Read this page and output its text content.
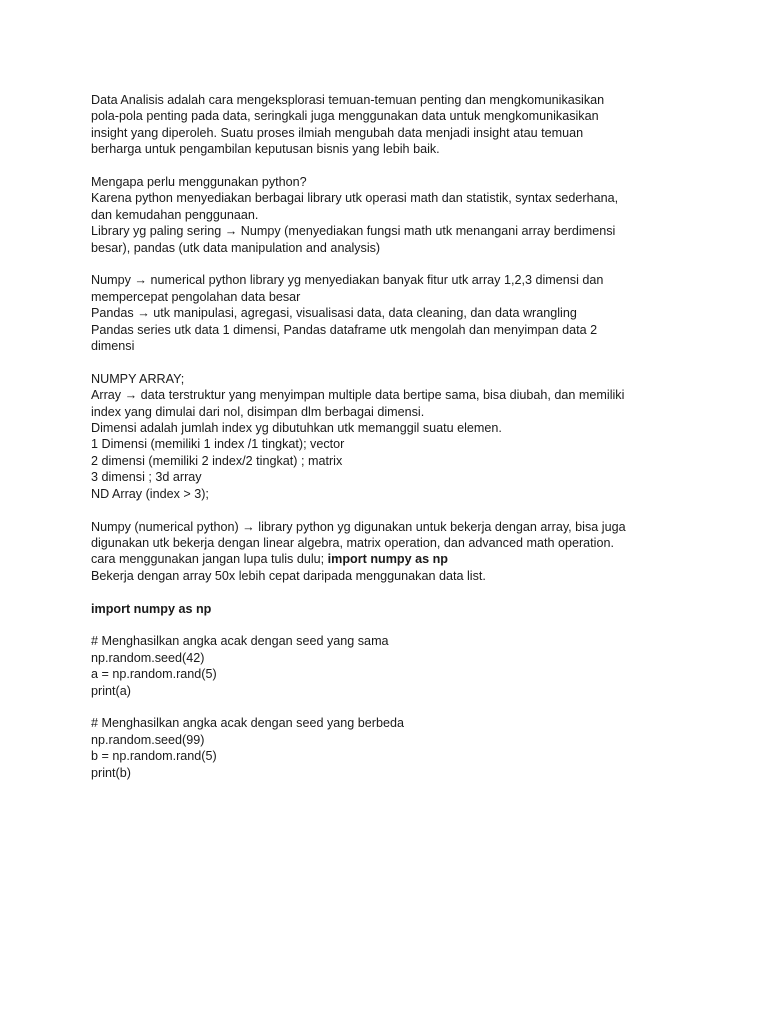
Data Analisis adalah cara mengeksplorasi temuan-temuan penting dan mengkomunikasikan
pola-pola penting pada data, seringkali juga menggunakan data untuk mengkomunikasikan
insight yang diperoleh. Suatu proses ilmiah mengubah data menjadi insight atau temuan
berharga untuk pengambilan keputusan bisnis yang lebih baik.
Mengapa perlu menggunakan python?
Karena python menyediakan berbagai library utk operasi math dan statistik, syntax sederhana,
dan kemudahan penggunaan.
Library yg paling sering → Numpy (menyediakan fungsi math utk menangani array berdimensi
besar), pandas (utk data manipulation and analysis)
Numpy → numerical python library yg menyediakan banyak fitur utk array 1,2,3 dimensi dan
mempercepat pengolahan data besar
Pandas → utk manipulasi, agregasi, visualisasi data, data cleaning, dan data wrangling
Pandas series utk data 1 dimensi, Pandas dataframe utk mengolah dan menyimpan data 2
dimensi
NUMPY ARRAY;
Array → data terstruktur yang menyimpan multiple data bertipe sama, bisa diubah, dan memiliki
index yang dimulai dari nol, disimpan dlm berbagai dimensi.
Dimensi adalah jumlah index yg dibutuhkan utk memanggil suatu elemen.
1 Dimensi (memiliki 1 index /1 tingkat); vector
2 dimensi (memiliki 2 index/2 tingkat) ; matrix
3 dimensi ; 3d array
ND Array (index > 3);
Numpy (numerical python) → library python yg digunakan untuk bekerja dengan array, bisa juga
digunakan utk bekerja dengan linear algebra, matrix operation, dan advanced math operation.
cara menggunakan jangan lupa tulis dulu; import numpy as np
Bekerja dengan array 50x lebih cepat daripada menggunakan data list.
import numpy as np
# Menghasilkan angka acak dengan seed yang sama
np.random.seed(42)
a = np.random.rand(5)
print(a)
# Menghasilkan angka acak dengan seed yang berbeda
np.random.seed(99)
b = np.random.rand(5)
print(b)
